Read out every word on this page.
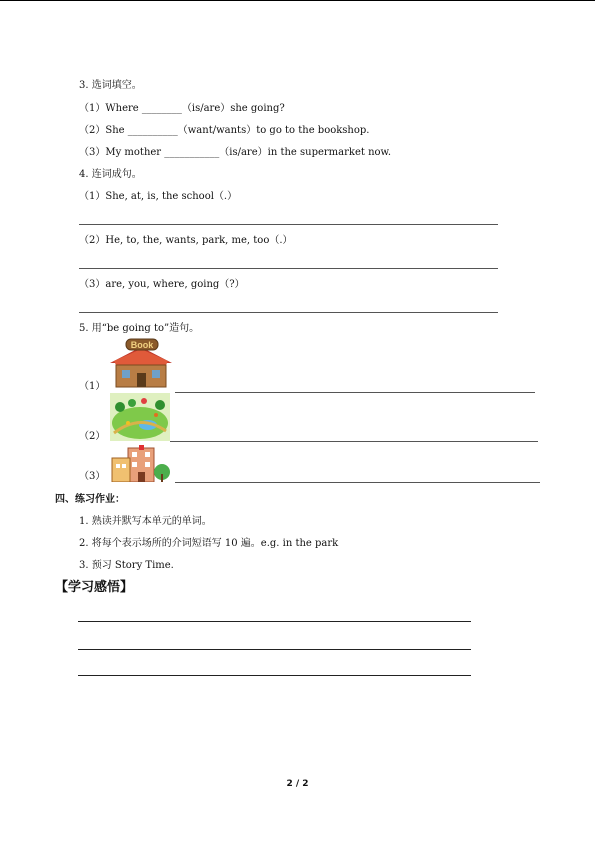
3. 选词填空。
（1）Where ________（is/are）she going?
（2）She __________（want/wants）to go to the bookshop.
（3）My mother ___________（is/are）in the supermarket now.
4. 连词成句。
（1）She, at, is, the school（.）
（2）He, to, the, wants, park, me, too（.）
（3）are, you, where, going（?）
5. 用“be going to”造句。
Book
（1）
（2）
（3）
四、练习作业：
1. 熟读并默写本单元的单词。
2. 将每个表示场所的介词短语写 10 遍。e.g. in the park
3. 预习 Story Time.
【学习感悟】
2 / 2
